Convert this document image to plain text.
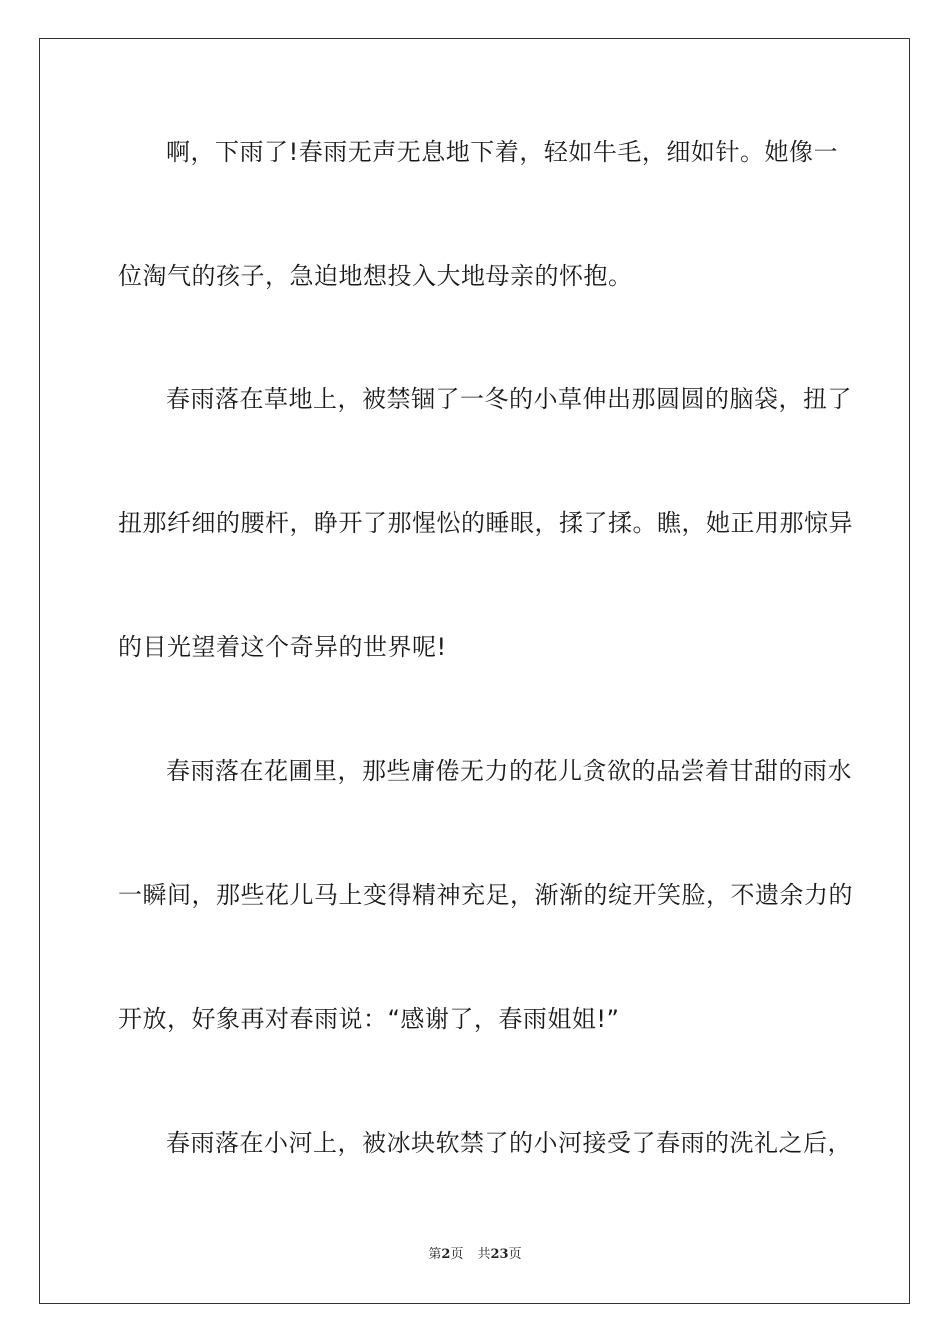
啊，下雨了!春雨无声无息地下着，轻如牛毛，细如针。她像一
位淘气的孩子，急迫地想投入大地母亲的怀抱。
春雨落在草地上，被禁锢了一冬的小草伸出那圆圆的脑袋，扭了
扭那纤细的腰杆，睁开了那惺忪的睡眼，揉了揉。瞧，她正用那惊异
的目光望着这个奇异的世界呢!
春雨落在花圃里，那些庸倦无力的花儿贪欲的品尝着甘甜的雨水
一瞬间，那些花儿马上变得精神充足，渐渐的绽开笑脸，不遗余力的
开放，好象再对春雨说：“感谢了，春雨姐姐!”
春雨落在小河上，被冰块软禁了的小河接受了春雨的洗礼之后，
第2页 共23页
